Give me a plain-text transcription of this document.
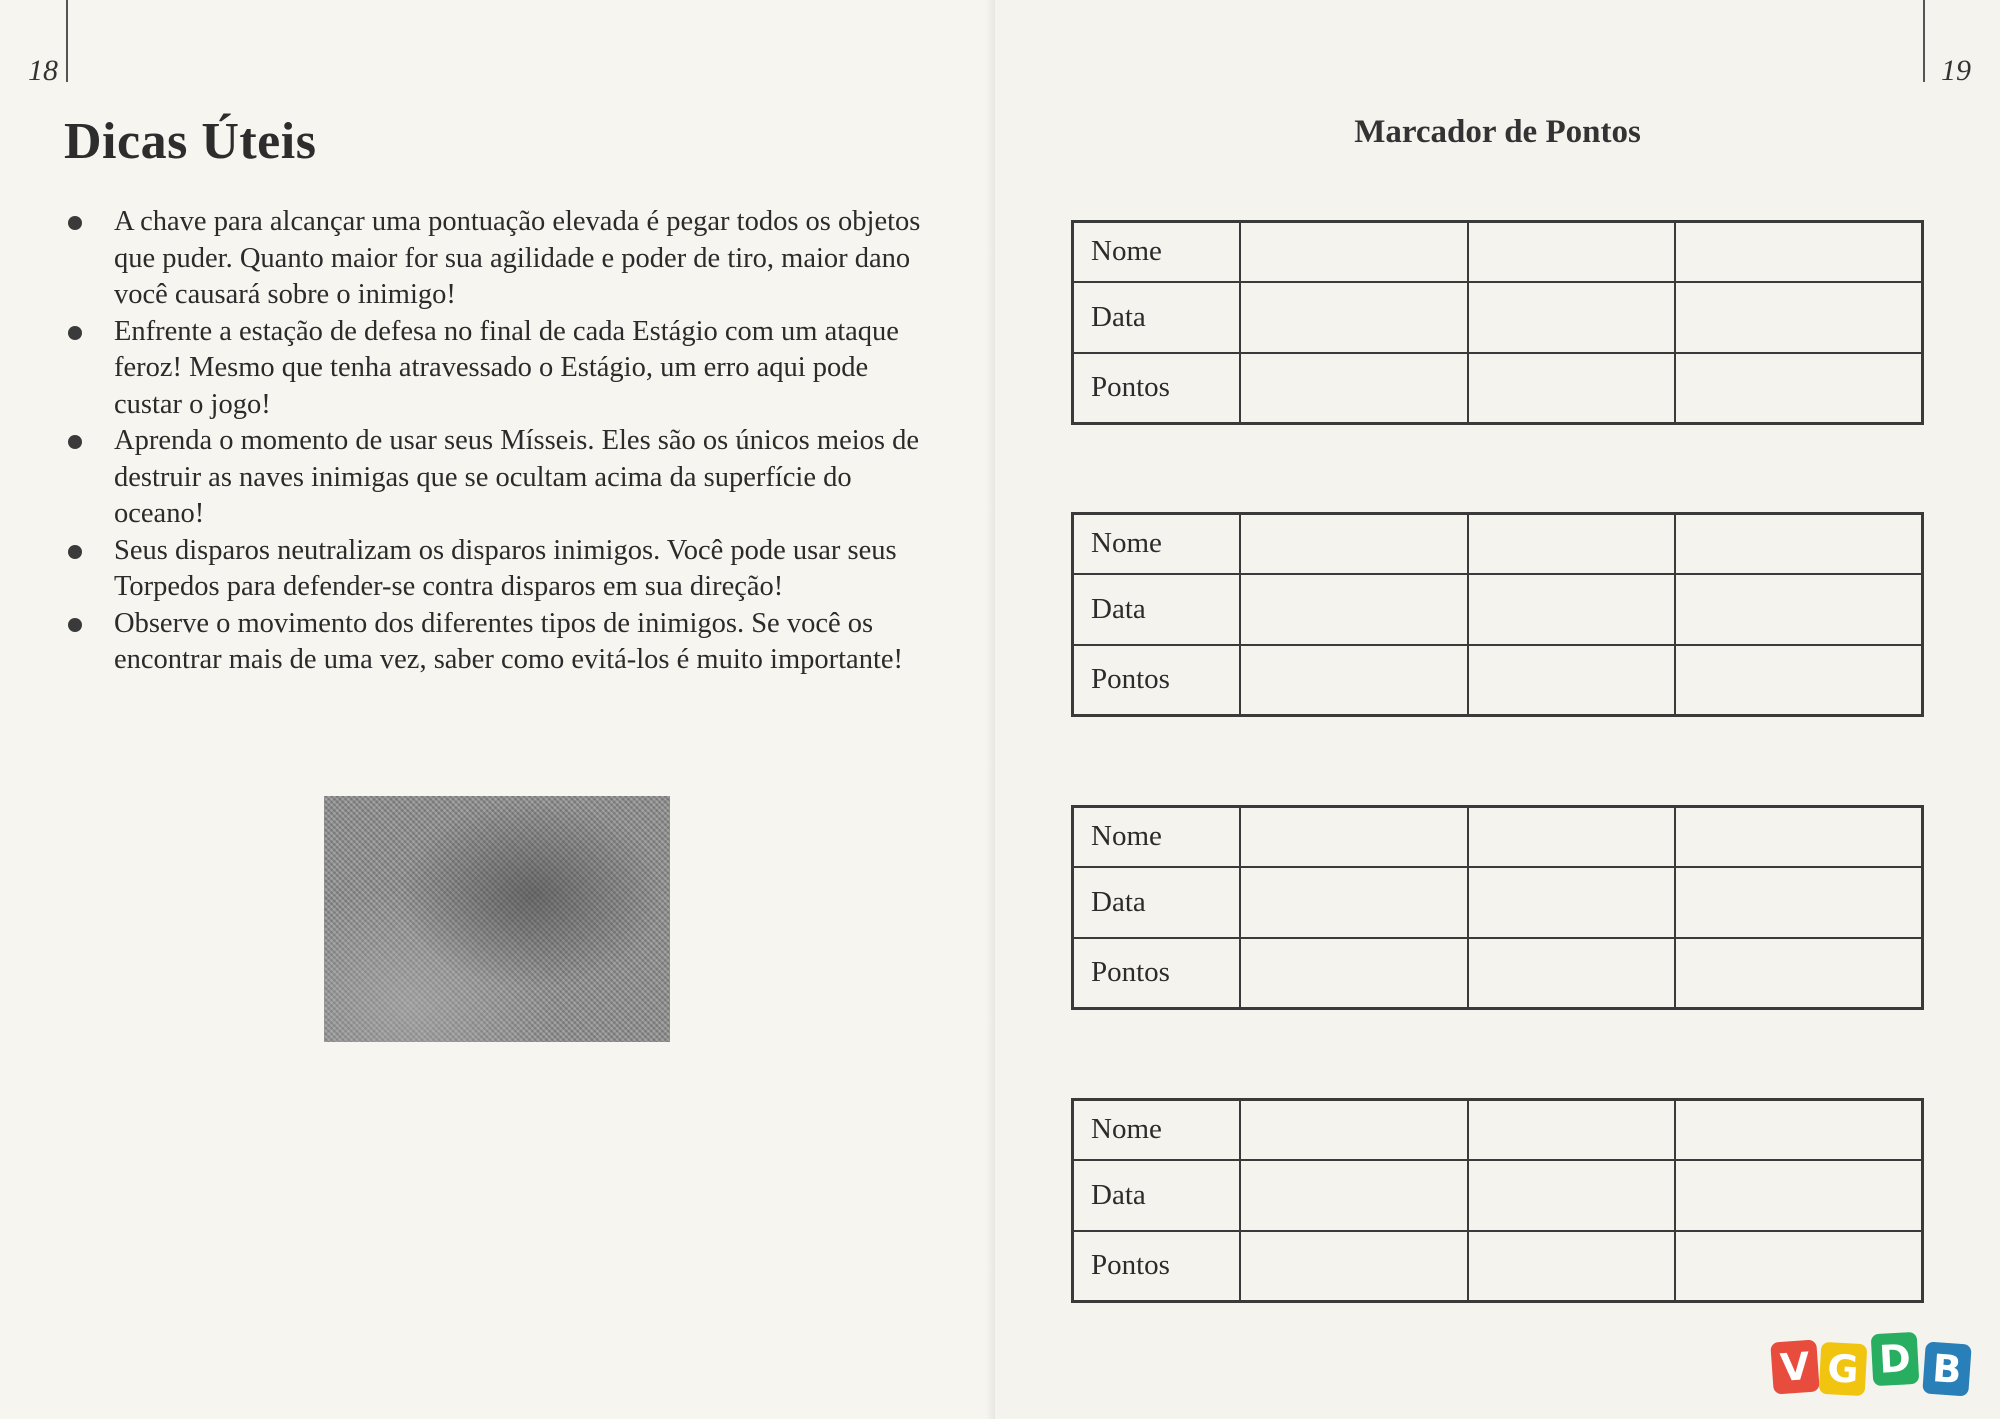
18
Dicas Úteis
A chave para alcançar uma pontuação elevada é pegar todos os objetos que puder. Quanto maior for sua agilidade e poder de tiro, maior dano você causará sobre o inimigo!
Enfrente a estação de defesa no final de cada Estágio com um ataque feroz! Mesmo que tenha atravessado o Estágio, um erro aqui pode custar o jogo!
Aprenda o momento de usar seus Mísseis. Eles são os únicos meios de destruir as naves inimigas que se ocultam acima da superfície do oceano!
Seus disparos neutralizam os disparos inimigos. Você pode usar seus Torpedos para defender-se contra disparos em sua direção!
Observe o movimento dos diferentes tipos de inimigos. Se você os encontrar mais de uma vez, saber como evitá-los é muito importante!
19
Marcador de Pontos
Nome			
Data			
Pontos			
Nome			
Data			
Pontos			
Nome			
Data			
Pontos			
Nome			
Data			
Pontos			
V G D B
